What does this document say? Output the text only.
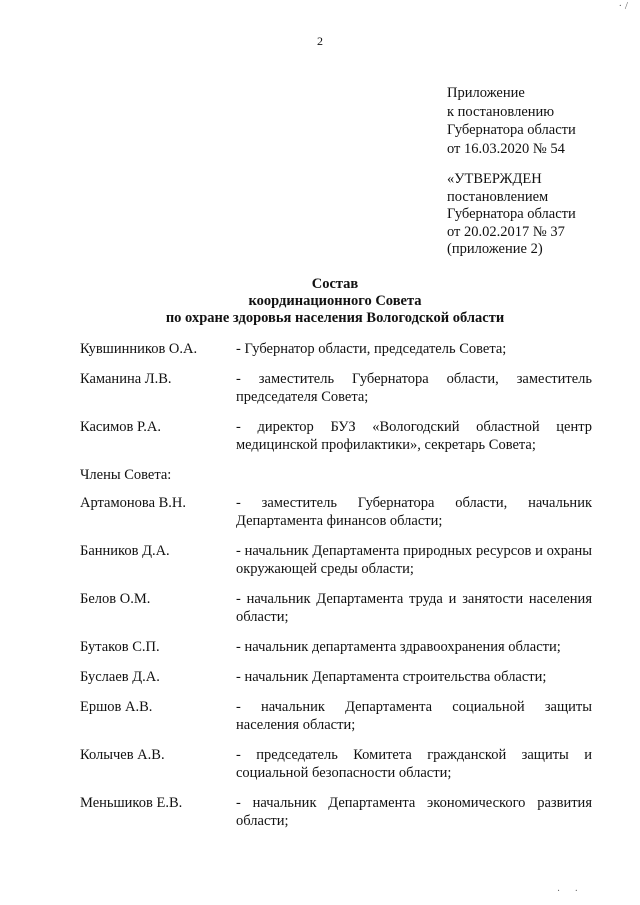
· /
2
Приложение
к постановлению
Губернатора области
от 16.03.2020 № 54
«УТВЕРЖДЕН
постановлением
Губернатора области
от 20.02.2017 № 37
(приложение 2)
Состав
координационного Совета
по охране здоровья населения Вологодской области
Кувшинников О.А.	- Губернатор области, председатель Совета;
Каманина Л.В.	- заместитель Губернатора области, заместитель председателя Совета;
Касимов Р.А.	- директор БУЗ «Вологодский областной центр медицинской профилактики», секретарь Совета;
Члены Совета:
Артамонова В.Н.	- заместитель Губернатора области, начальник Департамента финансов области;
Банников Д.А.	- начальник Департамента природных ресурсов и охраны окружающей среды области;
Белов О.М.	- начальник Департамента труда и занятости населения области;
Бутаков С.П.	- начальник департамента здравоохранения области;
Буслаев Д.А.	- начальник Департамента строительства области;
Ершов А.В.	- начальник Департамента социальной защиты населения области;
Колычев А.В.	- председатель Комитета гражданской защиты и социальной безопасности области;
Меньшиков Е.В.	- начальник Департамента экономического развития области;
· ·
